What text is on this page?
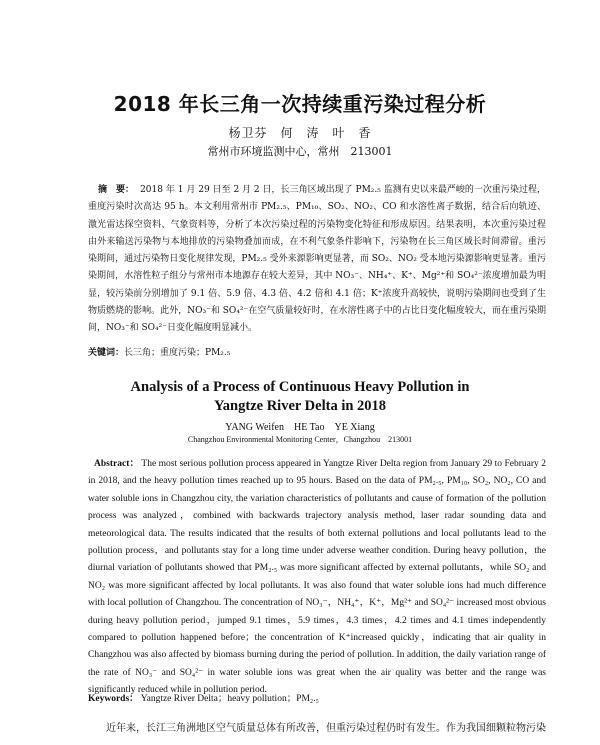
2018 年长三角一次持续重污染过程分析
杨卫芬　何　涛　叶　香
常州市环境监测中心，常州　213001
摘　要： 2018 年 1 月 29 日至 2 月 2 日，长三角区域出现了 PM₂.₅ 监测有史以来最严峻的一次重污染过程，重度污染时次高达 95 h。本文利用常州市 PM₂.₅、PM₁₀、SO₂、NO₂、CO 和水溶性离子数据，结合后向轨迹、激光雷达探空资料、气象资料等，分析了本次污染过程的污染物变化特征和形成原因。结果表明，本次重污染过程由外来输送污染物与本地排放的污染物叠加而成，在不利气象条件影响下，污染物在长三角区域长时间滞留。重污染期间，通过污染物日变化规律发现，PM₂.₅ 受外来源影响更显著，而 SO₂、NO₂ 受本地污染源影响更显著。重污染期间，水溶性粒子组分与常州市本地源存在较大差异，其中 NO₃⁻、NH₄⁺、K⁺、Mg²⁺和 SO₄²⁻浓度增加最为明显，较污染前分别增加了 9.1 倍、5.9 倍、4.3 倍、4.2 倍和 4.1 倍；K⁺浓度升高较快，说明污染期间也受到了生物质燃烧的影响。此外，NO₃⁻和 SO₄²⁻在空气质量较好时，在水溶性离子中的占比日变化幅度较大，而在重污染期间，NO₃⁻和 SO₄²⁻日变化幅度明显减小。
关键词：长三角；重度污染；PM₂.₅
Analysis of a Process of Continuous Heavy Pollution in
Yangtze River Delta in 2018
YANG Weifen　HE Tao　YE Xiang
Changzhou Environmental Monitoring Center，Changzhou　213001
Abstract： The most serious pollution process appeared in Yangtze River Delta region from January 29 to February 2 in 2018, and the heavy pollution times reached up to 95 hours. Based on the data of PM₂.₅, PM₁₀, SO₂, NO₂, CO and water soluble ions in Changzhou city, the variation characteristics of pollutants and cause of formation of the pollution process was analyzed，combined with backwards trajectory analysis method, laser radar sounding data and meteorological data. The results indicated that the results of both external pollutions and local pollutants lead to the pollution process，and pollutants stay for a long time under adverse weather condition. During heavy pollution，the diurnal variation of pollutants showed that PM₂.₅ was more significant affected by external pollutants，while SO₂ and NO₂ was more significant affected by local pollutants. It was also found that water soluble ions had much difference with local pollution of Changzhou. The concentration of NO₃⁻，NH₄⁺，K⁺，Mg²⁺ and SO₄²⁻ increased most obvious during heavy pollution period，jumped 9.1 times，5.9 times，4.3 times，4.2 times and 4.1 times independently compared to pollution happened before；the concentration of K⁺increased quickly，indicating that air quality in Changzhou was also affected by biomass burning during the period of pollution. In addition, the daily variation range of the rate of NO₃⁻ and SO₄²⁻ in water soluble ions was great when the air quality was better and the range was significantly reduced while in pollution period.
Keywords： Yangtze River Delta；heavy pollution；PM₂.₅
近年来，长江三角洲地区空气质量总体有所改善，但重污染过程仍时有发生。作为我国细颗粒物污染
